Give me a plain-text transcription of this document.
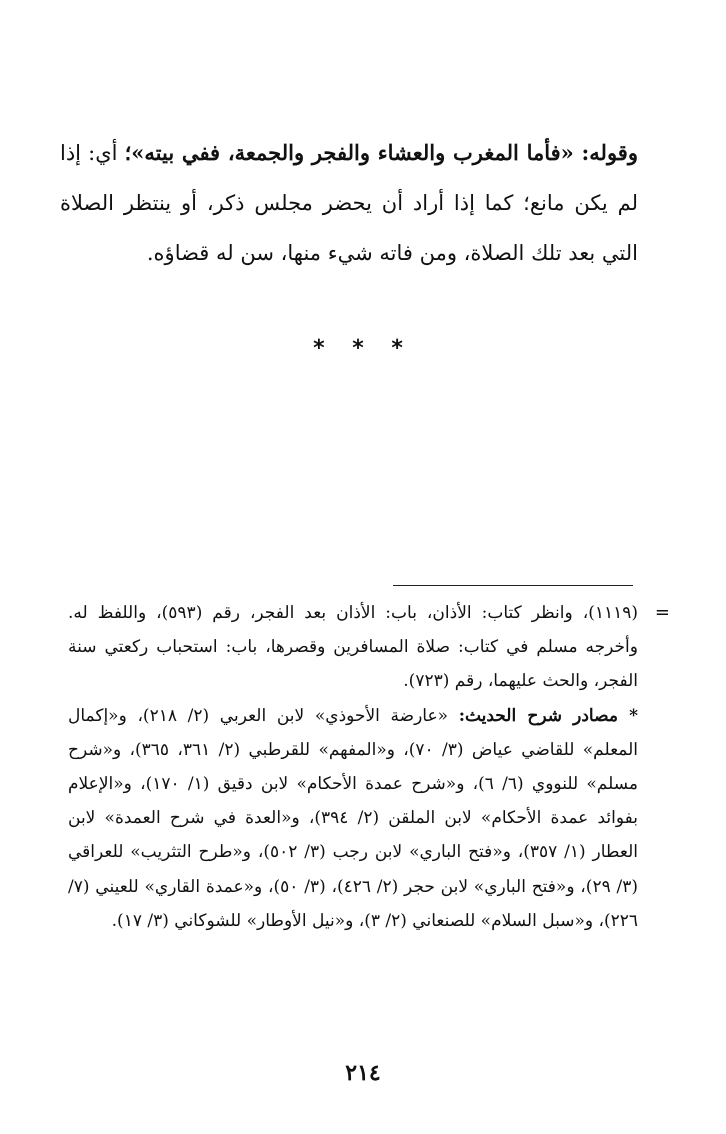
وقوله: «فأما المغرب والعشاء والفجر والجمعة، ففي بيته»؛ أي: إذا لم يكن مانع؛ كما إذا أراد أن يحضر مجلس ذكر، أو ينتظر الصلاة التي بعد تلك الصلاة، ومن فاته شيء منها، سن له قضاؤه.

* * *
=

(١١١٩)، وانظر كتاب: الأذان، باب: الأذان بعد الفجر، رقم (٥٩٣)، واللفظ له. وأخرجه مسلم في كتاب: صلاة المسافرين وقصرها، باب: استحباب ركعتي سنة الفجر، والحث عليهما، رقم (٧٢٣).

* مصادر شرح الحديث: «عارضة الأحوذي» لابن العربي (٢/ ٢١٨)، و«إكمال المعلم» للقاضي عياض (٣/ ٧٠)، و«المفهم» للقرطبي (٢/ ٣٦١، ٣٦٥)، و«شرح مسلم» للنووي (٦/ ٦)، و«شرح عمدة الأحكام» لابن دقيق (١/ ١٧٠)، و«الإعلام بفوائد عمدة الأحكام» لابن الملقن (٢/ ٣٩٤)، و«العدة في شرح العمدة» لابن العطار (١/ ٣٥٧)، و«فتح الباري» لابن رجب (٣/ ٥٠٢)، و«طرح التثريب» للعراقي (٣/ ٢٩)، و«فتح الباري» لابن حجر (٢/ ٤٢٦)، (٣/ ٥٠)، و«عمدة القاري» للعيني (٧/ ٢٢٦)، و«سبل السلام» للصنعاني (٢/ ٣)، و«نيل الأوطار» للشوكاني (٣/ ١٧).

٢١٤
